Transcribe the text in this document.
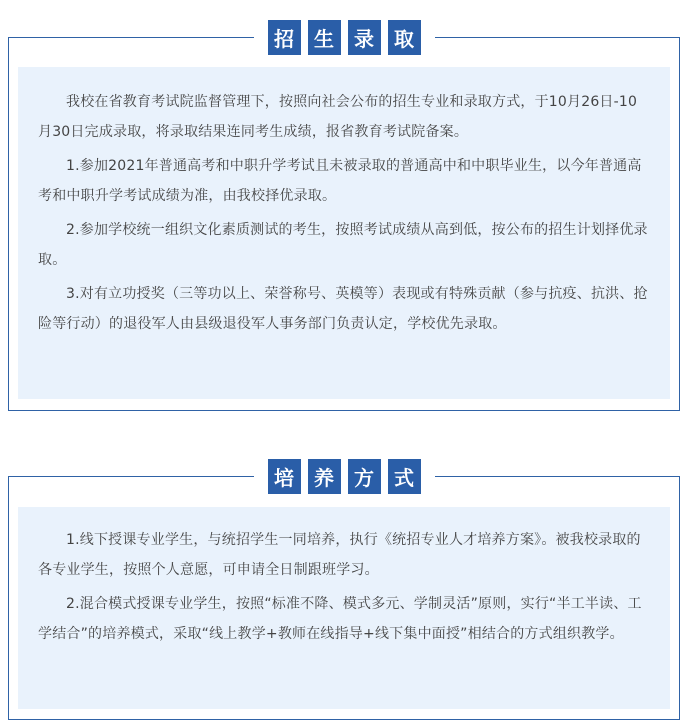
招	生	录	取

我校在省教育考试院监督管理下，按照向社会公布的招生专业和录取方式，于10月26日-10月30日完成录取，将录取结果连同考生成绩，报省教育考试院备案。

1.参加2021年普通高考和中职升学考试且未被录取的普通高中和中职毕业生，以今年普通高考和中职升学考试成绩为准，由我校择优录取。

2.参加学校统一组织文化素质测试的考生，按照考试成绩从高到低，按公布的招生计划择优录取。

3.对有立功授奖（三等功以上、荣誉称号、英模等）表现或有特殊贡献（参与抗疫、抗洪、抢险等行动）的退役军人由县级退役军人事务部门负责认定，学校优先录取。

培	养	方	式

1.线下授课专业学生，与统招学生一同培养，执行《统招专业人才培养方案》。被我校录取的各专业学生，按照个人意愿，可申请全日制跟班学习。

2.混合模式授课专业学生，按照“标准不降、模式多元、学制灵活”原则，实行“半工半读、工学结合”的培养模式，采取“线上教学+教师在线指导+线下集中面授”相结合的方式组织教学。
